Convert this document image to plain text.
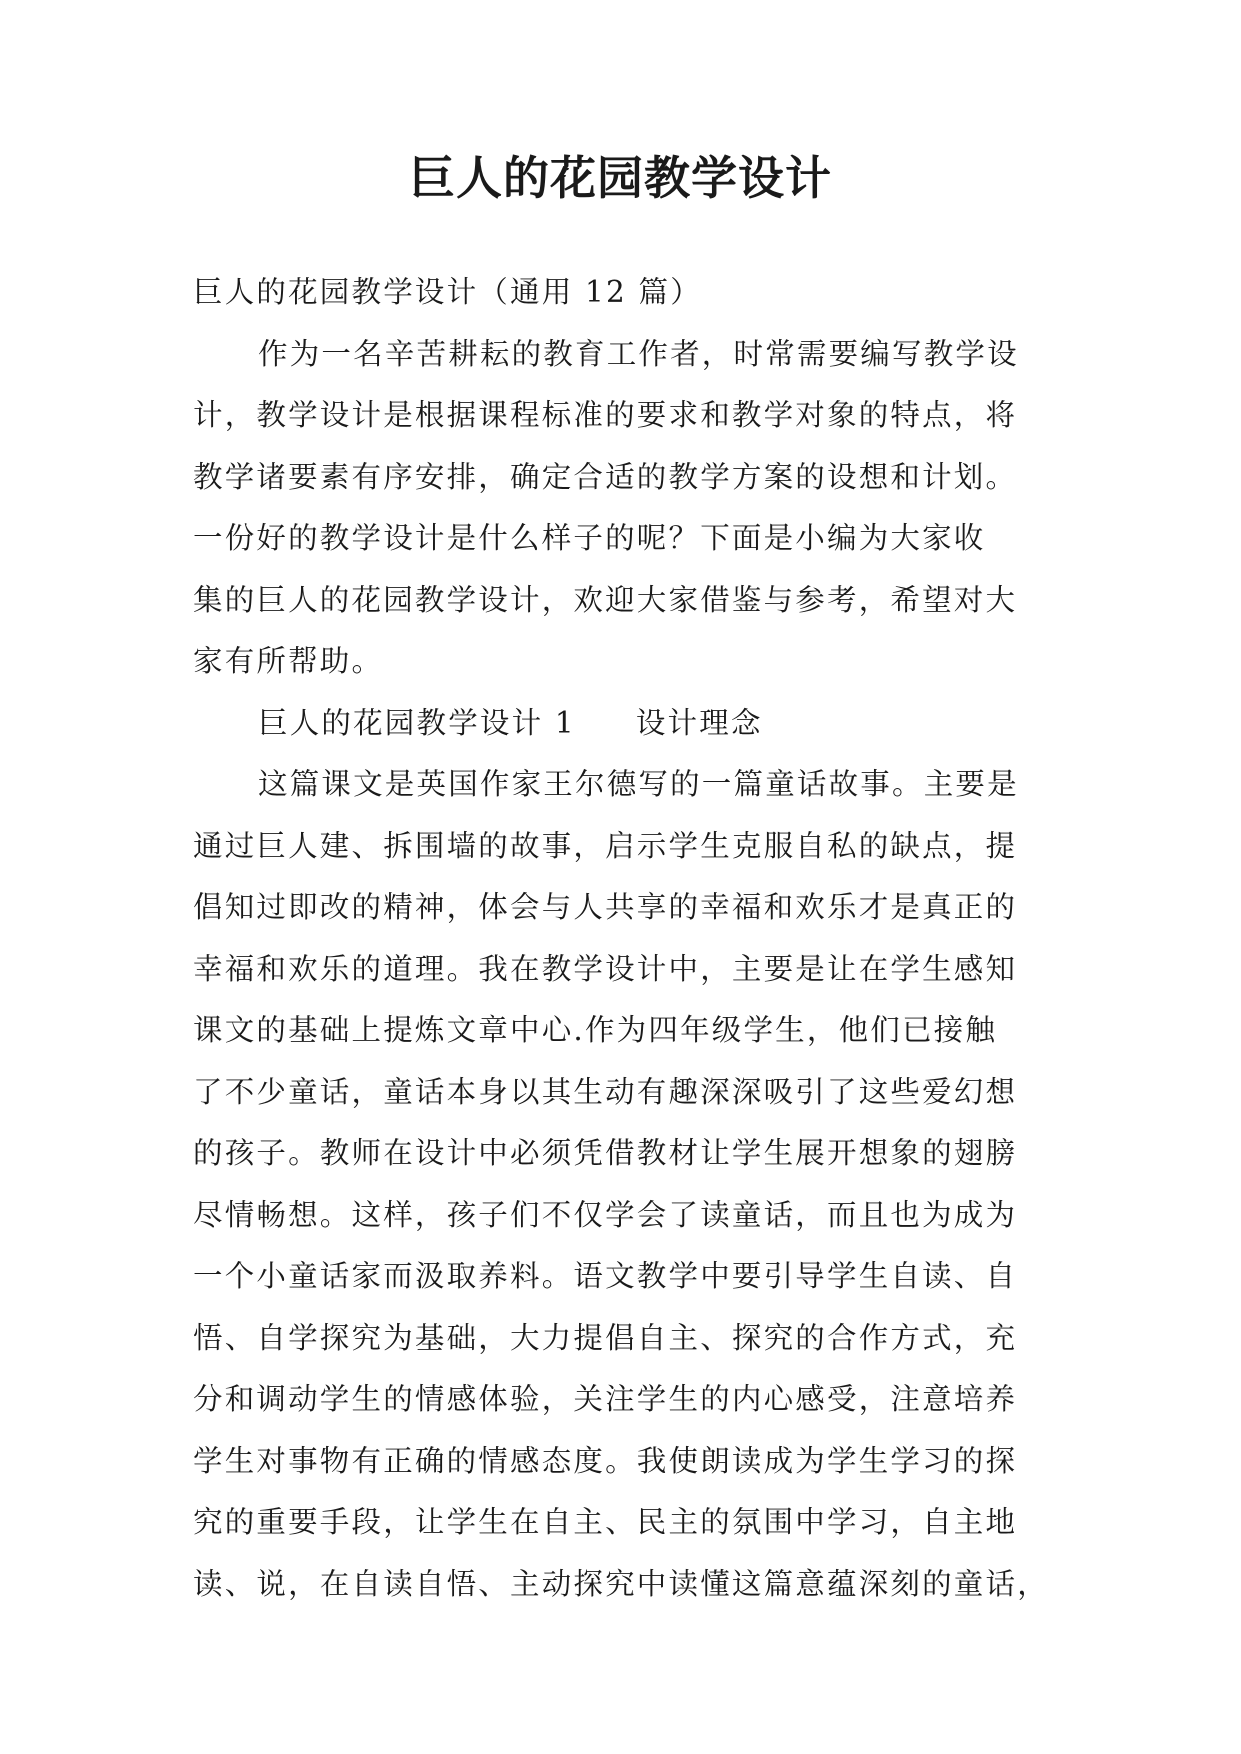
巨人的花园教学设计
巨人的花园教学设计（通用 12 篇）
作为一名辛苦耕耘的教育工作者，时常需要编写教学设
计，教学设计是根据课程标准的要求和教学对象的特点，将
教学诸要素有序安排，确定合适的教学方案的设想和计划。
一份好的教学设计是什么样子的呢？下面是小编为大家收
集的巨人的花园教学设计，欢迎大家借鉴与参考，希望对大
家有所帮助。
巨人的花园教学设计 1 设计理念
这篇课文是英国作家王尔德写的一篇童话故事。主要是
通过巨人建、拆围墙的故事，启示学生克服自私的缺点，提
倡知过即改的精神，体会与人共享的幸福和欢乐才是真正的
幸福和欢乐的道理。我在教学设计中，主要是让在学生感知
课文的基础上提炼文章中心.作为四年级学生，他们已接触
了不少童话，童话本身以其生动有趣深深吸引了这些爱幻想
的孩子。教师在设计中必须凭借教材让学生展开想象的翅膀
尽情畅想。这样，孩子们不仅学会了读童话，而且也为成为
一个小童话家而汲取养料。语文教学中要引导学生自读、自
悟、自学探究为基础，大力提倡自主、探究的合作方式，充
分和调动学生的情感体验，关注学生的内心感受，注意培养
学生对事物有正确的情感态度。我使朗读成为学生学习的探
究的重要手段，让学生在自主、民主的氛围中学习，自主地
读、说，在自读自悟、主动探究中读懂这篇意蕴深刻的童话，
